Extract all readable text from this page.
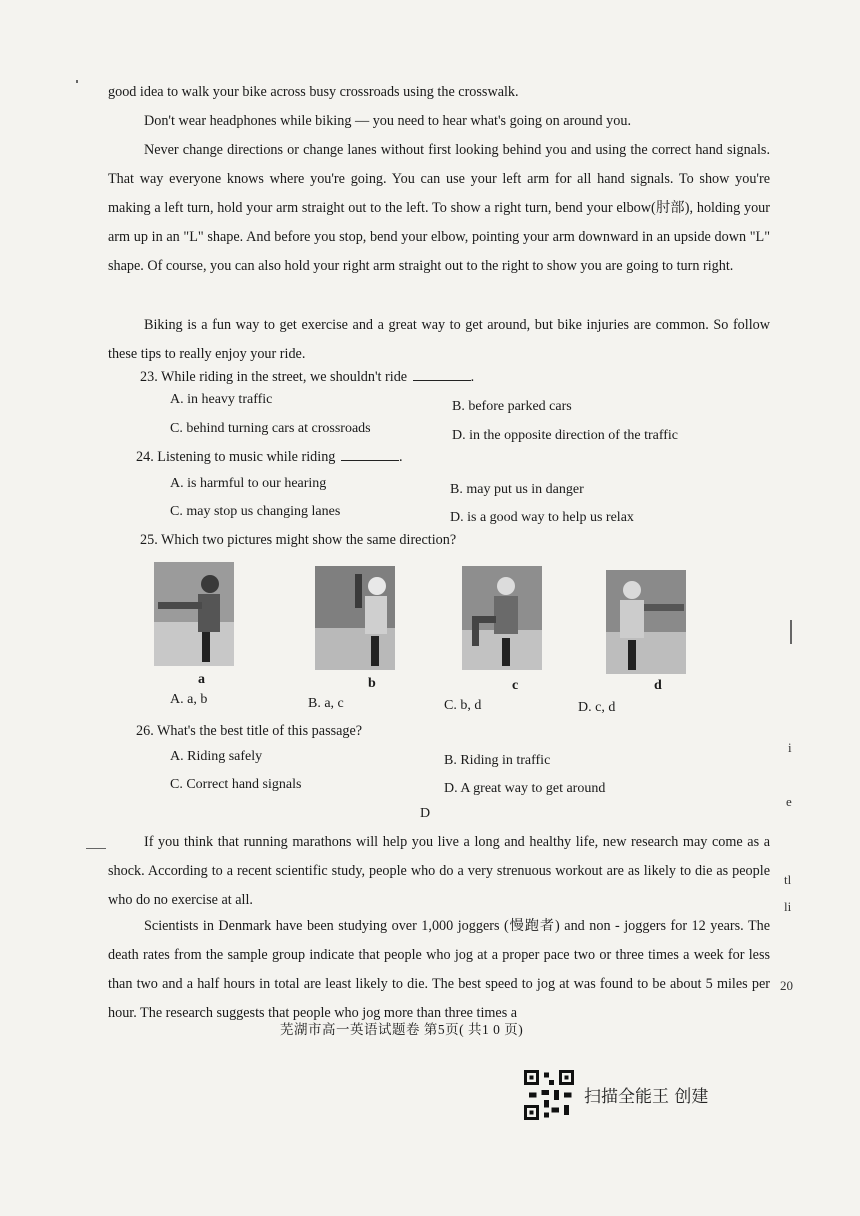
good idea to walk your bike across busy crossroads using the crosswalk.

Don't wear headphones while biking — you need to hear what's going on around you.

Never change directions or change lanes without first looking behind you and using the correct hand signals. That way everyone knows where you're going. You can use your left arm for all hand signals. To show you're making a left turn, hold your arm straight out to the left. To show a right turn, bend your elbow(肘部), holding your arm up in an "L" shape. And before you stop, bend your elbow, pointing your arm downward in an upside down "L" shape. Of course, you can also hold your right arm straight out to the right to show you are going to turn right.

Biking is a fun way to get exercise and a great way to get around, but bike injuries are common. So follow these tips to really enjoy your ride.

23. While riding in the street, we shouldn't ride	.
A. in heavy traffic	B. before parked cars
C. behind turning cars at crossroads	D. in the opposite direction of the traffic
24. Listening to music while riding	.
A. is harmful to our hearing	B. may put us in danger
C. may stop us changing lanes	D. is a good way to help us relax
25. Which two pictures might show the same direction?
a	b	c	d
A. a, b	B. a, c	C. b, d	D. c, d
26. What's the best title of this passage?
A. Riding safely	B. Riding in traffic
C. Correct hand signals	D. A great way to get around
D

If you think that running marathons will help you live a long and healthy life, new research may come as a shock. According to a recent scientific study, people who do a very strenuous workout are as likely to die as people who do no exercise at all.

Scientists in Denmark have been studying over 1,000 joggers (慢跑者) and non - joggers for 12 years. The death rates from the sample group indicate that people who jog at a proper pace two or three times a week for less than two and a half hours in total are least likely to die. The best speed to jog at was found to be about 5 miles per hour. The research suggests that people who jog more than three times a

芜湖市高一英语试题卷 第5页( 共1 0 页)
扫描全能王 创建
i
e
tl
li
20
